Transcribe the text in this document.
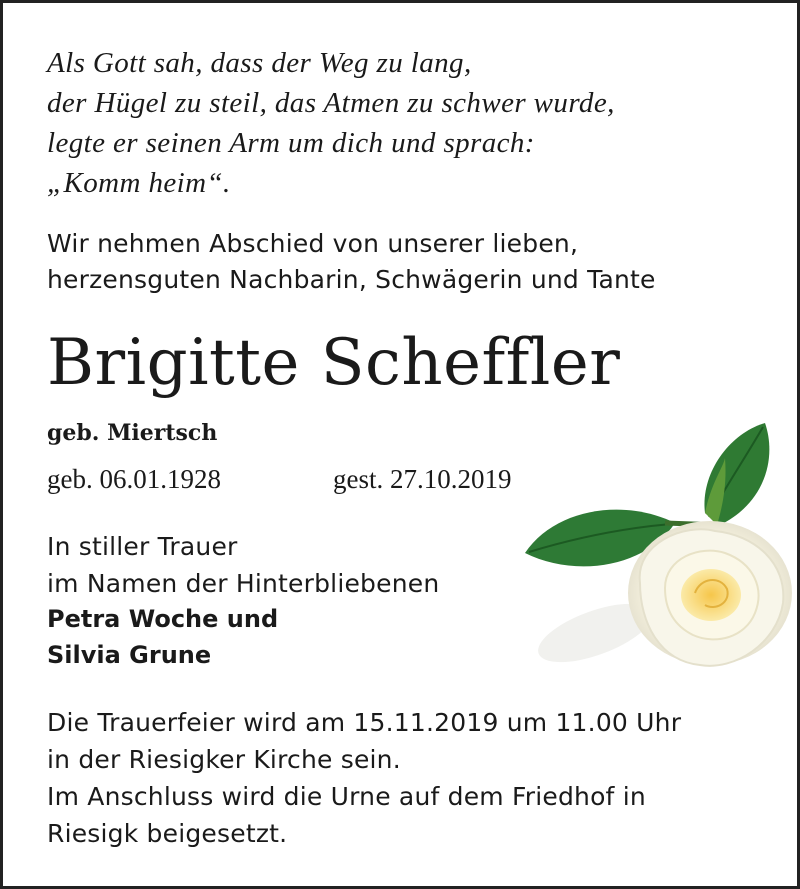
Als Gott sah, dass der Weg zu lang,
der Hügel zu steil, das Atmen zu schwer wurde,
legte er seinen Arm um dich und sprach:
„Komm heim“.
Wir nehmen Abschied von unserer lieben,
herzensguten Nachbarin, Schwägerin und Tante
Brigitte Scheffler
geb. Miertsch
geb. 06.01.1928	gest. 27.10.2019
In stiller Trauer
im Namen der Hinterbliebenen
Petra Woche und
Silvia Grune
Die Trauerfeier wird am 15.11.2019 um 11.00 Uhr
in der Riesigker Kirche sein.
Im Anschluss wird die Urne auf dem Friedhof in
Riesigk beigesetzt.
